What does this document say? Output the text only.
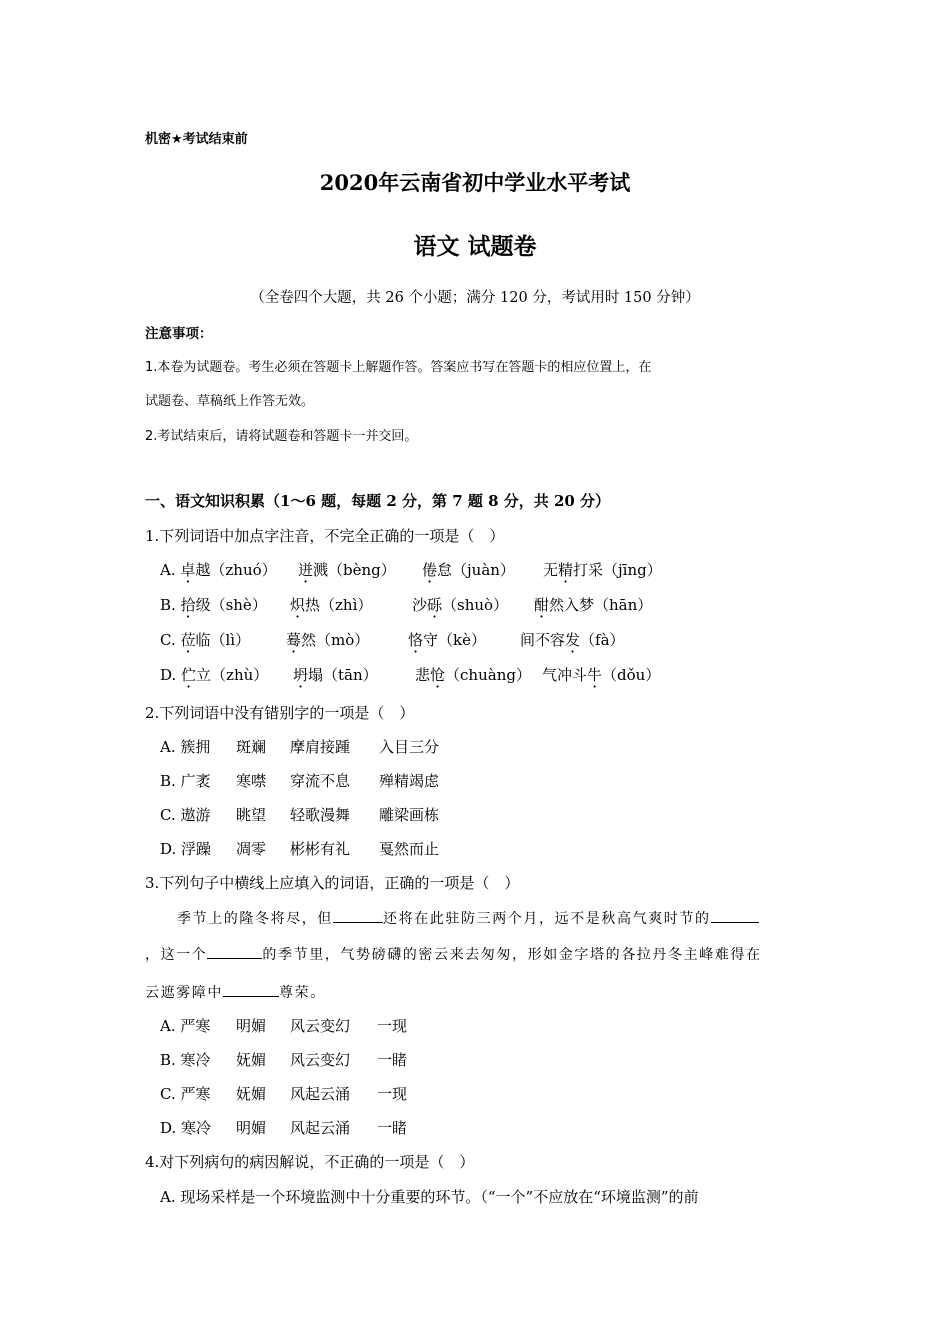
机密★考试结束前
2020年云南省初中学业水平考试
语文 试题卷
（全卷四个大题，共 26 个小题；满分 120 分，考试用时 150 分钟）
注意事项：
1.本卷为试题卷。考生必须在答题卡上解题作答。答案应书写在答题卡的相应位置上，在
试题卷、草稿纸上作答无效。
2.考试结束后，请将试题卷和答题卡一并交回。
一、语文知识积累（1～6 题，每题 2 分，第 7 题 8 分，共 20 分）
1.下列词语中加点字注音，不完全正确的一项是（　）
A. 卓越（zhuó） 迸溅（bèng） 倦怠（juàn） 无精打采（jīng）
B. 拾级（shè） 炽热（zhì）	沙砾（shuò） 酣然入梦（hān）
C. 莅临（lì） 蓦然（mò）	恪守（kè） 间不容发（fà）
D. 伫立（zhù） 坍塌（tān） 悲怆（chuàng） 气冲斗牛（dǒu）
2.下列词语中没有错别字的一项是（　）
A. 簇拥 斑斓 摩肩接踵 入目三分
B. 广袤 寒噤 穿流不息 殚精竭虑
C. 遨游 眺望 轻歌漫舞 雕梁画栋
D. 浮躁 凋零 彬彬有礼 戛然而止
3.下列句子中横线上应填入的词语，正确的一项是（　）
季节上的隆冬将尽，但	还将在此驻防三两个月，远不是秋高气爽时节的
，这一个	的季节里，气势磅礴的密云来去匆匆，形如金字塔的各拉丹冬主峰难得在
云遮雾障中	尊荣。
A. 严寒 明媚 风云变幻 一现
B. 寒冷 妩媚 风云变幻 一睹
C. 严寒 妩媚 风起云涌 一现
D. 寒冷 明媚 风起云涌 一睹
4.对下列病句的病因解说，不正确的一项是（　）
A. 现场采样是一个环境监测中十分重要的环节。（“一个”不应放在“环境监测”的前
